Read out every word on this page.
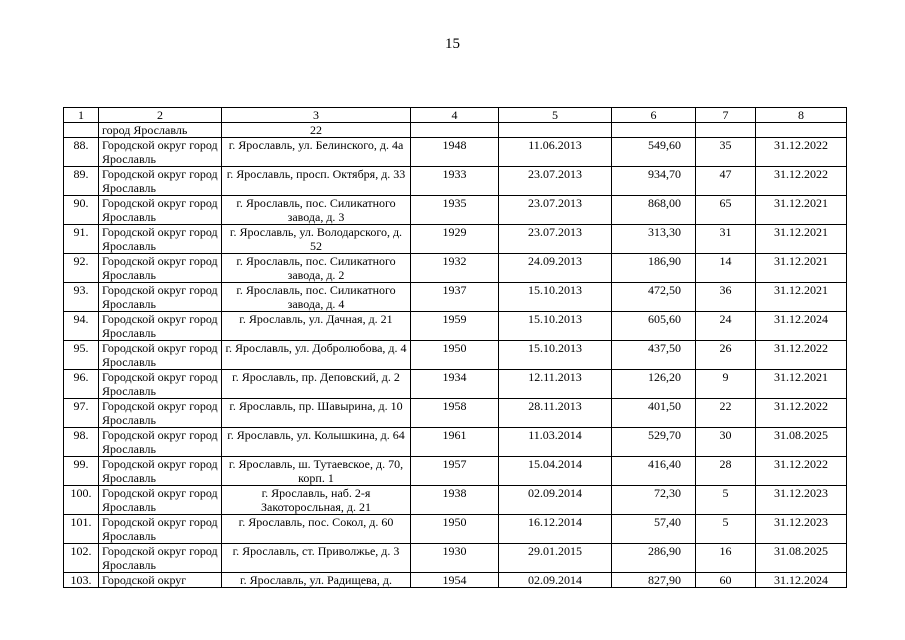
15
1	2	3	4	5	6	7	8
	город Ярославль	22					
88.	Городской округ город Ярославль	г. Ярославль, ул. Белинского, д. 4а	1948	11.06.2013	549,60	35	31.12.2022
89.	Городской округ город Ярославль	г. Ярославль, просп. Октября, д. 33	1933	23.07.2013	934,70	47	31.12.2022
90.	Городской округ город Ярославль	г. Ярославль, пос. Силикатного завода, д. 3	1935	23.07.2013	868,00	65	31.12.2021
91.	Городской округ город Ярославль	г. Ярославль, ул. Володарского, д. 52	1929	23.07.2013	313,30	31	31.12.2021
92.	Городской округ город Ярославль	г. Ярославль, пос. Силикатного завода, д. 2	1932	24.09.2013	186,90	14	31.12.2021
93.	Городской округ город Ярославль	г. Ярославль, пос. Силикатного завода, д. 4	1937	15.10.2013	472,50	36	31.12.2021
94.	Городской округ город Ярославль	г. Ярославль, ул. Дачная, д. 21	1959	15.10.2013	605,60	24	31.12.2024
95.	Городской округ город Ярославль	г. Ярославль, ул. Добролюбова, д. 4	1950	15.10.2013	437,50	26	31.12.2022
96.	Городской округ город Ярославль	г. Ярославль, пр. Деповский, д. 2	1934	12.11.2013	126,20	9	31.12.2021
97.	Городской округ город Ярославль	г. Ярославль, пр. Шавырина, д. 10	1958	28.11.2013	401,50	22	31.12.2022
98.	Городской округ город Ярославль	г. Ярославль, ул. Колышкина, д. 64	1961	11.03.2014	529,70	30	31.08.2025
99.	Городской округ город Ярославль	г. Ярославль, ш. Тутаевское, д. 70, корп. 1	1957	15.04.2014	416,40	28	31.12.2022
100.	Городской округ город Ярославль	г. Ярославль, наб. 2-я Закоторосльная, д. 21	1938	02.09.2014	72,30	5	31.12.2023
101.	Городской округ город Ярославль	г. Ярославль, пос. Сокол, д. 60	1950	16.12.2014	57,40	5	31.12.2023
102.	Городской округ город Ярославль	г. Ярославль, ст. Приволжье, д. 3	1930	29.01.2015	286,90	16	31.08.2025
103.	Городской округ	г. Ярославль, ул. Радищева, д.	1954	02.09.2014	827,90	60	31.12.2024
